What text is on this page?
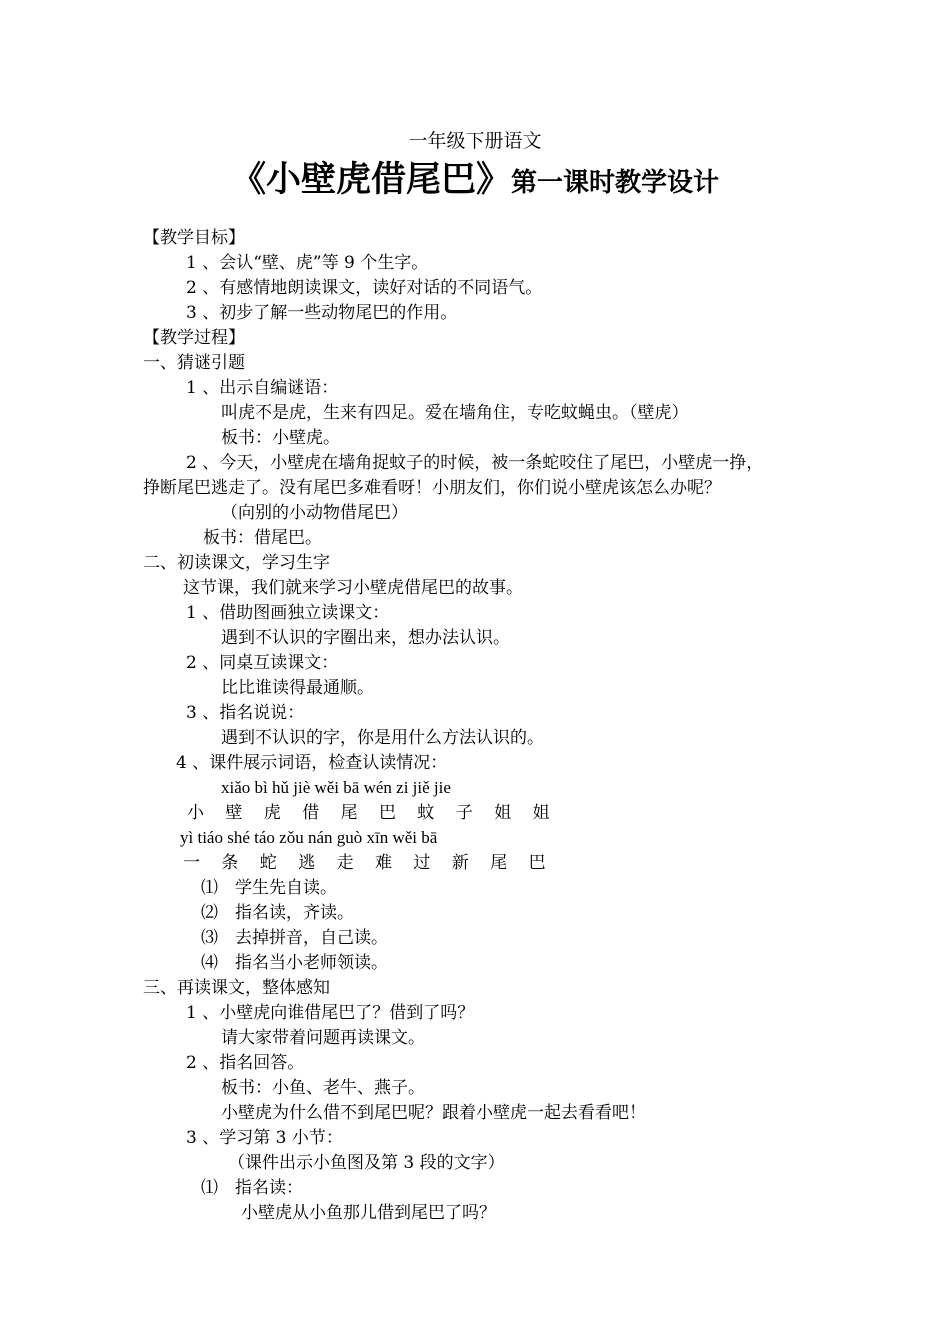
一年级下册语文
《小壁虎借尾巴》第一课时教学设计
【教学目标】
1 、会认“壁、虎”等 9 个生字。
2 、有感情地朗读课文，读好对话的不同语气。
3 、初步了解一些动物尾巴的作用。
【教学过程】
一、猜谜引题
1 、出示自编谜语：
叫虎不是虎，生来有四足。爱在墙角住，专吃蚊蝇虫。（壁虎）
板书：小壁虎。
2 、今天，小壁虎在墙角捉蚊子的时候，被一条蛇咬住了尾巴，小壁虎一挣，
挣断尾巴逃走了。没有尾巴多难看呀！小朋友们，你们说小壁虎该怎么办呢？
（向别的小动物借尾巴）
板书：借尾巴。
二、初读课文，学习生字
这节课，我们就来学习小壁虎借尾巴的故事。
1 、借助图画独立读课文：
遇到不认识的字圈出来，想办法认识。
2 、同桌互读课文：
比比谁读得最通顺。
3 、指名说说：
遇到不认识的字，你是用什么方法认识的。
4 、课件展示词语，检查认读情况：
xiǎo bì hǔ jiè wěi bā wén zi jiě jie
小 壁 虎 借 尾 巴 蚊 子 姐 姐
yì tiáo shé táo zǒu nán guò xīn wěi bā
一 条 蛇 逃 走 难 过 新 尾 巴
⑴　学生先自读。
⑵　指名读，齐读。
⑶　去掉拼音，自己读。
⑷　指名当小老师领读。
三、再读课文，整体感知
1 、小壁虎向谁借尾巴了？借到了吗？
请大家带着问题再读课文。
2 、指名回答。
板书：小鱼、老牛、燕子。
小壁虎为什么借不到尾巴呢？跟着小壁虎一起去看看吧！
3 、学习第 3 小节：
（课件出示小鱼图及第 3 段的文字）
⑴　指名读：
小壁虎从小鱼那儿借到尾巴了吗？
